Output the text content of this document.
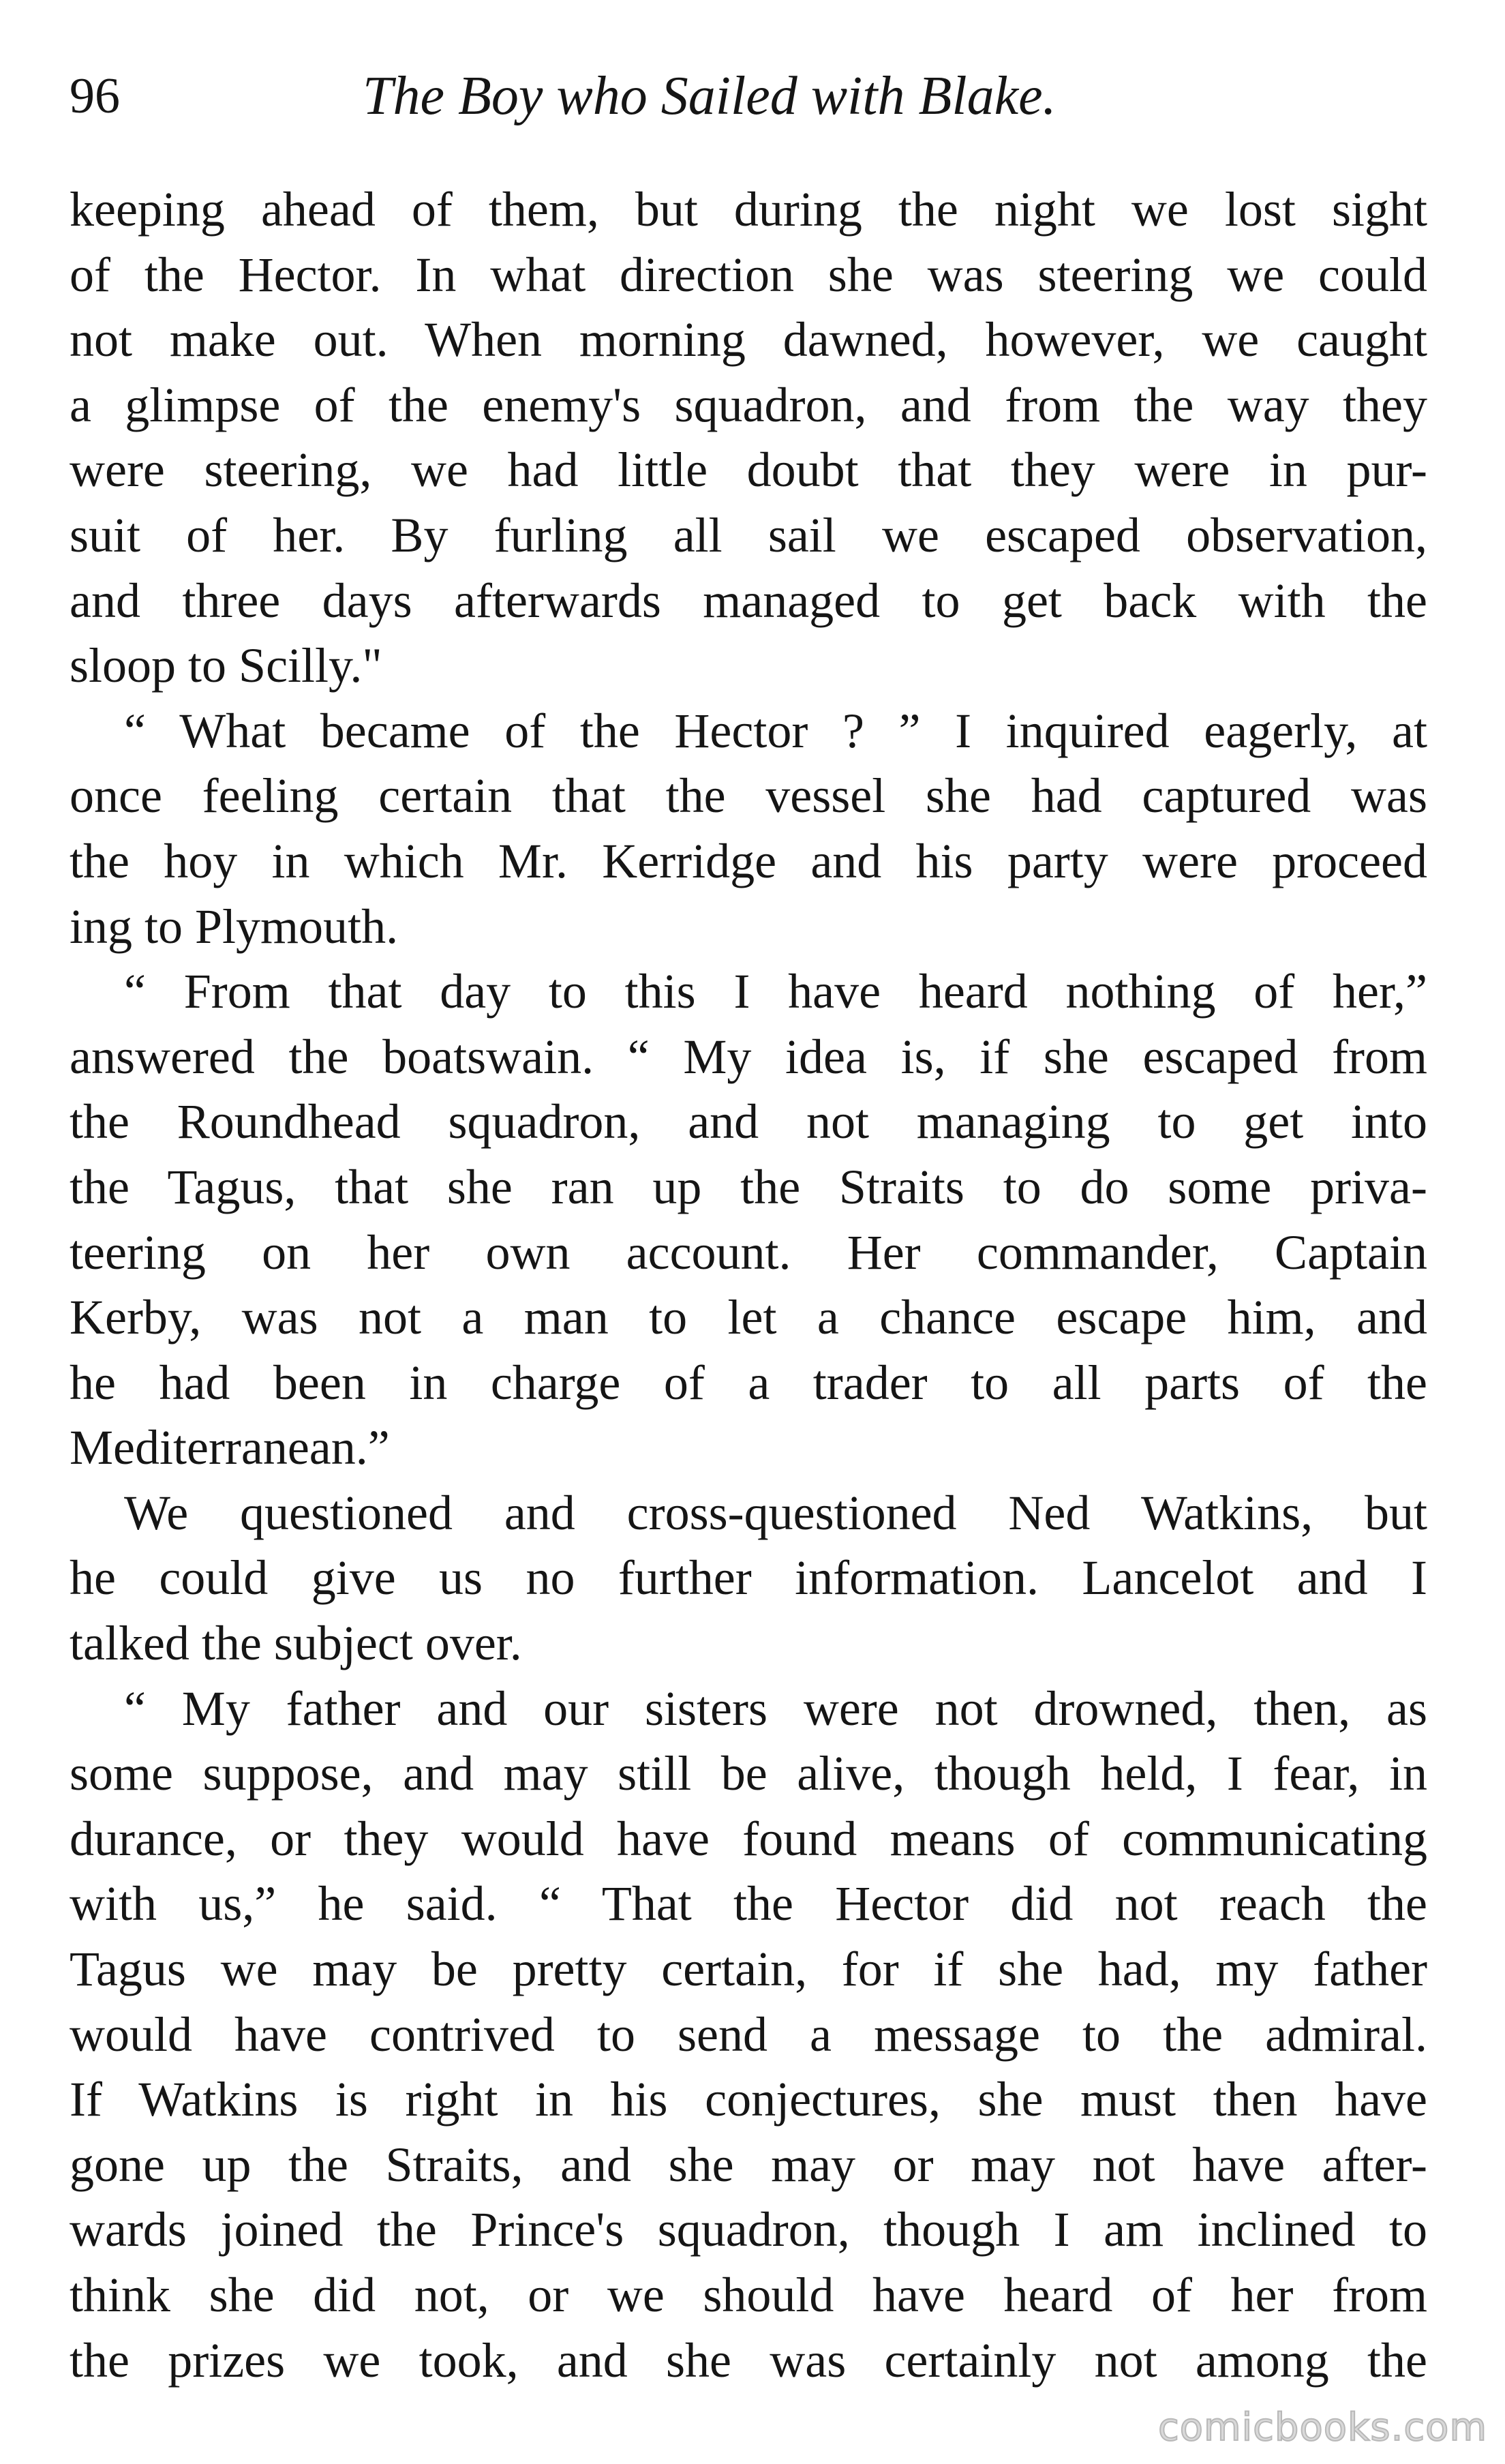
96	The Boy who Sailed with Blake.
keeping ahead of them, but during the night we lost sight
of the Hector. In what direction she was steering we could
not make out. When morning dawned, however, we caught
a glimpse of the enemy's squadron, and from the way they
were steering, we had little doubt that they were in pur-
suit of her. By furling all sail we escaped observation,
and three days afterwards managed to get back with the
sloop to Scilly."
“ What became of the Hector ? ” I inquired eagerly, at
once feeling certain that the vessel she had captured was
the hoy in which Mr. Kerridge and his party were proceed
ing to Plymouth.
“ From that day to this I have heard nothing of her,”
answered the boatswain. “ My idea is, if she escaped from
the Roundhead squadron, and not managing to get into
the Tagus, that she ran up the Straits to do some priva-
teering on her own account. Her commander, Captain
Kerby, was not a man to let a chance escape him, and
he had been in charge of a trader to all parts of the
Mediterranean.”
We questioned and cross-questioned Ned Watkins, but
he could give us no further information. Lancelot and I
talked the subject over.
“ My father and our sisters were not drowned, then, as
some suppose, and may still be alive, though held, I fear, in
durance, or they would have found means of communicating
with us,” he said. “ That the Hector did not reach the
Tagus we may be pretty certain, for if she had, my father
would have contrived to send a message to the admiral.
If Watkins is right in his conjectures, she must then have
gone up the Straits, and she may or may not have after-
wards joined the Prince's squadron, though I am inclined to
think she did not, or we should have heard of her from
the prizes we took, and she was certainly not among the
comicbooks.com
